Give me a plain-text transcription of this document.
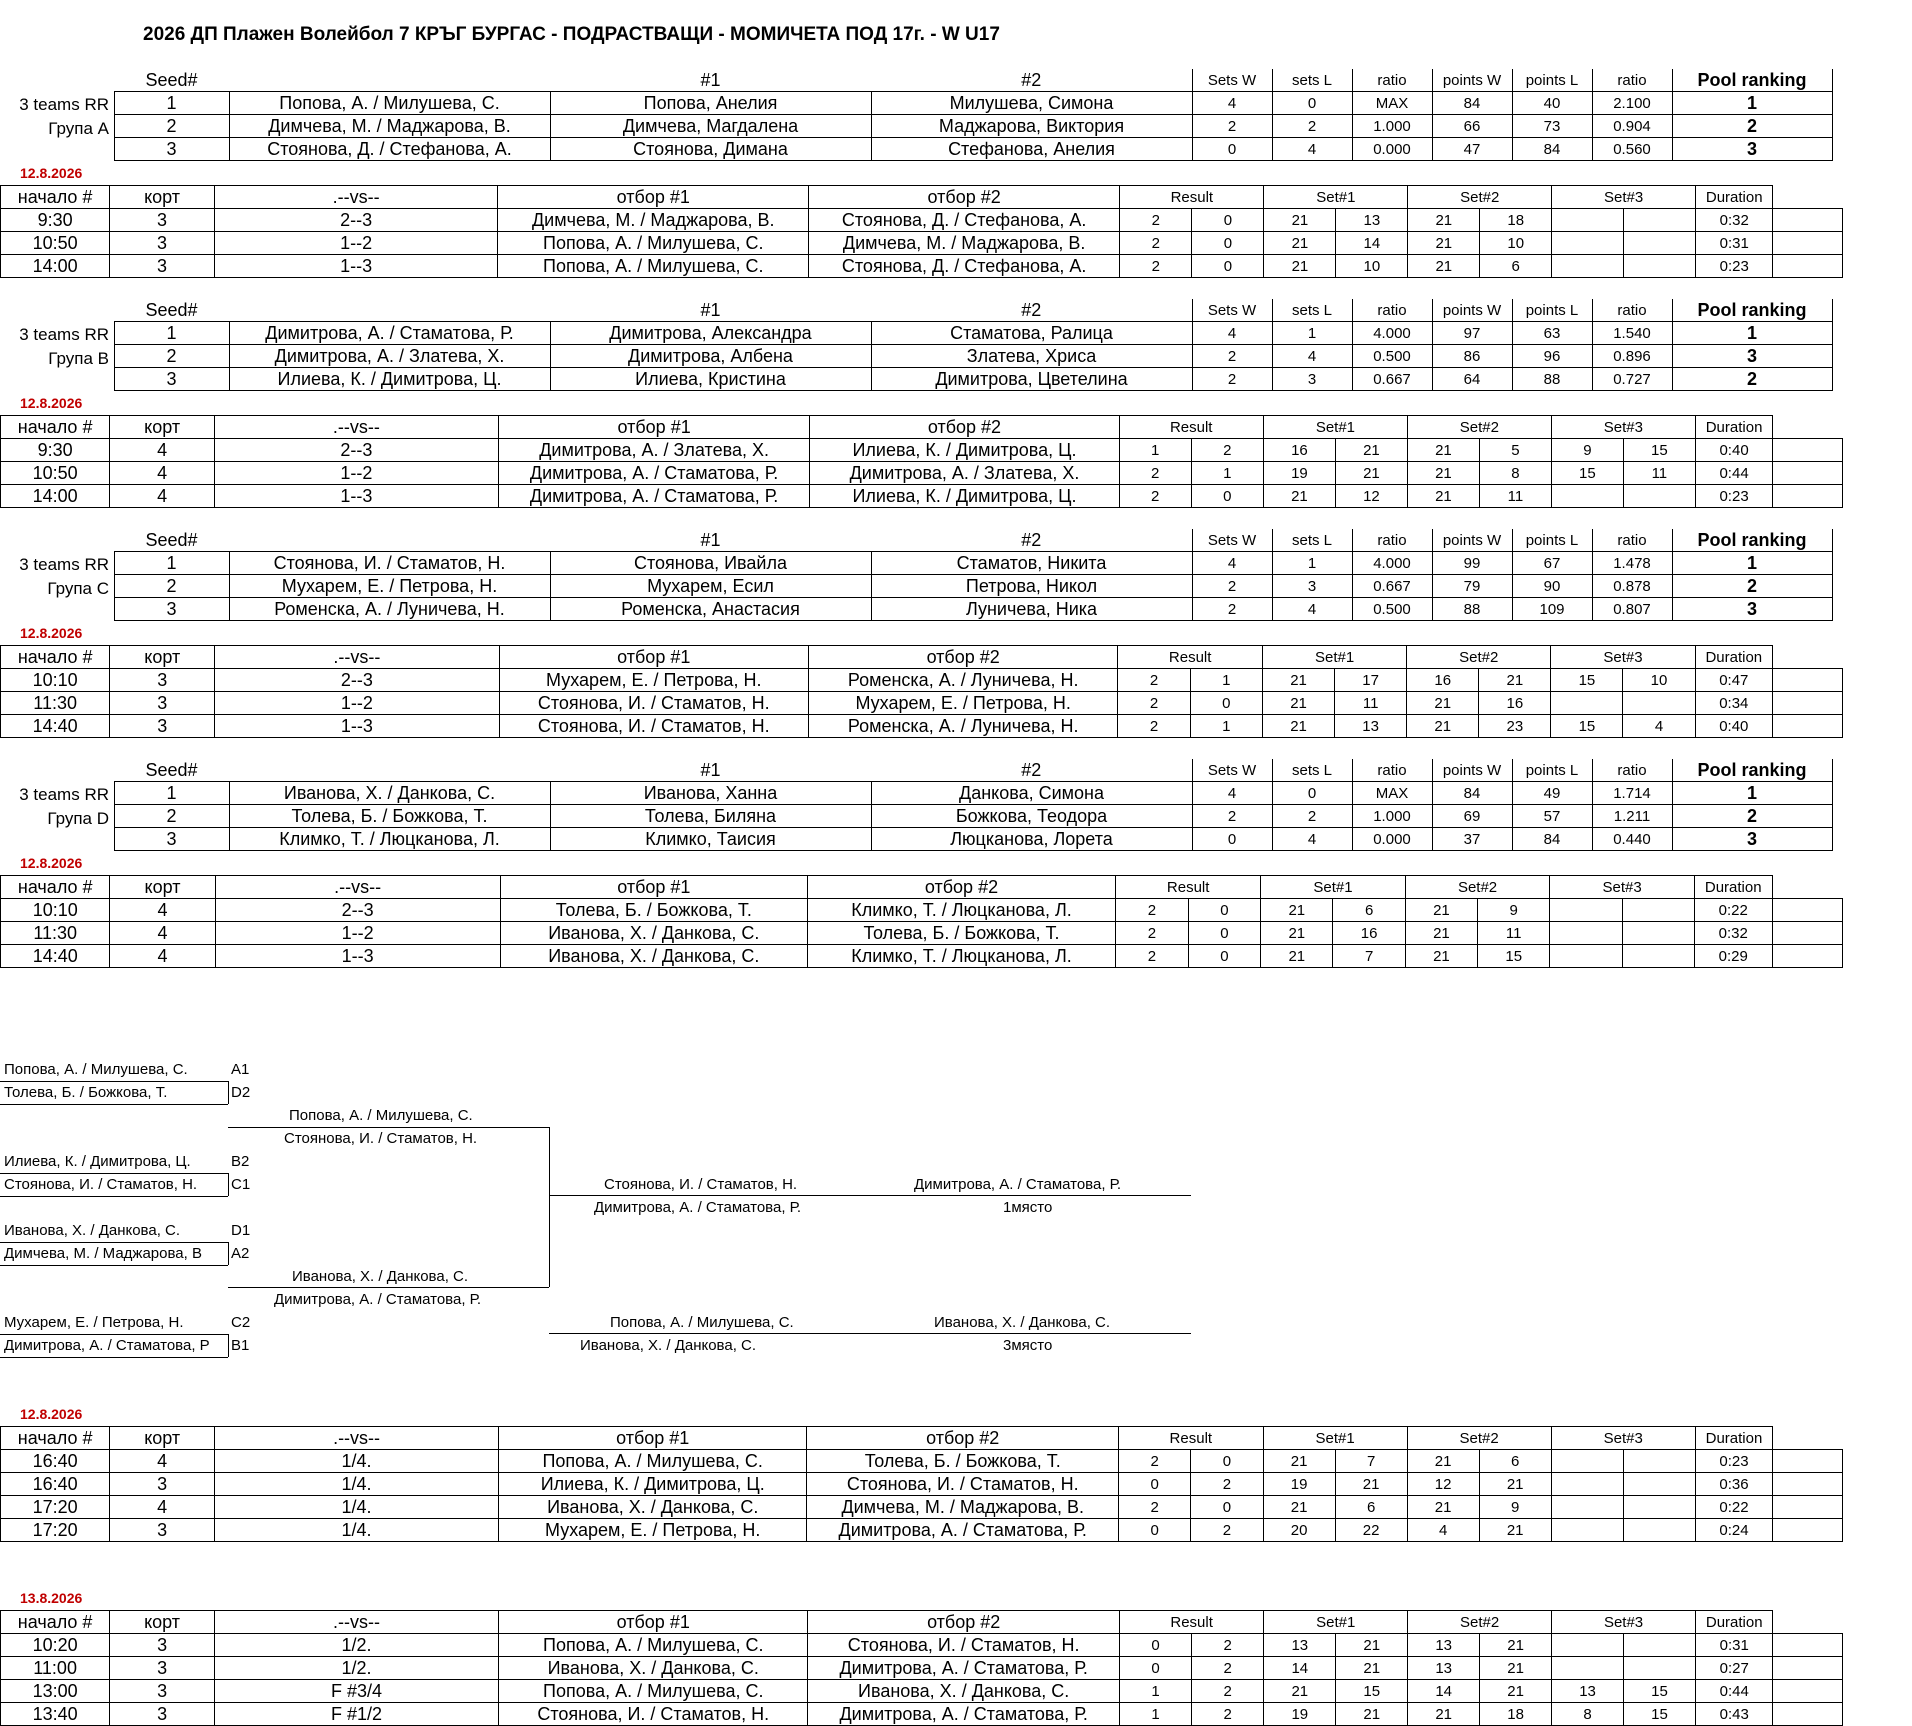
2026 ДП Плажен Волейбол 7 КРЪГ БУРГАС - ПОДРАСТВАЩИ - МОМИЧЕТА ПОД 17г. - W U17
	Seed#		#1	#2	Sets W	sets L	ratio	points W	points L	ratio	Pool ranking
	1	Попова, А. / Милушева, С.	Попова, Анелия	Милушева, Симона	4	0	MAX	84	40	2.100	1
	2	Димчева, М. / Маджарова, В.	Димчева, Магдалена	Маджарова, Виктория	2	2	1.000	66	73	0.904	2
	3	Стоянова, Д. / Стефанова, А.	Стоянова, Димана	Стефанова, Анелия	0	4	0.000	47	84	0.560	3
3 teams RR
Група A
12.8.2026
начало #	корт	.--vs--	отбор #1	отбор #2	Result		Set#1		Set#2		Set#3		Duration	
9:30	3	2--3	Димчева, М. / Маджарова, В.	Стоянова, Д. / Стефанова, А.	2	0	21	13	21	18			0:32	
10:50	3	1--2	Попова, А. / Милушева, С.	Димчева, М. / Маджарова, В.	2	0	21	14	21	10			0:31	
14:00	3	1--3	Попова, А. / Милушева, С.	Стоянова, Д. / Стефанова, А.	2	0	21	10	21	6			0:23	
	Seed#		#1	#2	Sets W	sets L	ratio	points W	points L	ratio	Pool ranking
	1	Димитрова, А. / Стаматова, Р.	Димитрова, Александра	Стаматова, Ралица	4	1	4.000	97	63	1.540	1
	2	Димитрова, А. / Златева, Х.	Димитрова, Албена	Златева, Хриса	2	4	0.500	86	96	0.896	3
	3	Илиева, К. / Димитрова, Ц.	Илиева, Кристина	Димитрова, Цветелина	2	3	0.667	64	88	0.727	2
3 teams RR
Група B
12.8.2026
начало #	корт	.--vs--	отбор #1	отбор #2	Result		Set#1		Set#2		Set#3		Duration	
9:30	4	2--3	Димитрова, А. / Златева, Х.	Илиева, К. / Димитрова, Ц.	1	2	16	21	21	5	9	15	0:40	
10:50	4	1--2	Димитрова, А. / Стаматова, Р.	Димитрова, А. / Златева, Х.	2	1	19	21	21	8	15	11	0:44	
14:00	4	1--3	Димитрова, А. / Стаматова, Р.	Илиева, К. / Димитрова, Ц.	2	0	21	12	21	11			0:23	
	Seed#		#1	#2	Sets W	sets L	ratio	points W	points L	ratio	Pool ranking
	1	Стоянова, И. / Стаматов, Н.	Стоянова, Ивайла	Стаматов, Никита	4	1	4.000	99	67	1.478	1
	2	Мухарем, Е. / Петрова, Н.	Мухарем, Есил	Петрова, Никол	2	3	0.667	79	90	0.878	2
	3	Роменска, А. / Луничева, Н.	Роменска, Анастасия	Луничева, Ника	2	4	0.500	88	109	0.807	3
3 teams RR
Група C
12.8.2026
начало #	корт	.--vs--	отбор #1	отбор #2	Result		Set#1		Set#2		Set#3		Duration	
10:10	3	2--3	Мухарем, Е. / Петрова, Н.	Роменска, А. / Луничева, Н.	2	1	21	17	16	21	15	10	0:47	
11:30	3	1--2	Стоянова, И. / Стаматов, Н.	Мухарем, Е. / Петрова, Н.	2	0	21	11	21	16			0:34	
14:40	3	1--3	Стоянова, И. / Стаматов, Н.	Роменска, А. / Луничева, Н.	2	1	21	13	21	23	15	4	0:40	
	Seed#		#1	#2	Sets W	sets L	ratio	points W	points L	ratio	Pool ranking
	1	Иванова, Х. / Данкова, С.	Иванова, Ханна	Данкова, Симона	4	0	MAX	84	49	1.714	1
	2	Толева, Б. / Божкова, Т.	Толева, Биляна	Божкова, Теодора	2	2	1.000	69	57	1.211	2
	3	Климко, Т. / Люцканова, Л.	Климко, Таисия	Люцканова, Лорета	0	4	0.000	37	84	0.440	3
3 teams RR
Група D
12.8.2026
начало #	корт	.--vs--	отбор #1	отбор #2	Result		Set#1		Set#2		Set#3		Duration	
10:10	4	2--3	Толева, Б. / Божкова, Т.	Климко, Т. / Люцканова, Л.	2	0	21	6	21	9			0:22	
11:30	4	1--2	Иванова, Х. / Данкова, С.	Толева, Б. / Божкова, Т.	2	0	21	16	21	11			0:32	
14:40	4	1--3	Иванова, Х. / Данкова, С.	Климко, Т. / Люцканова, Л.	2	0	21	7	21	15			0:29	
Попова, А. / Милушева, С.	A1
Толева, Б. / Божкова, Т.	D2
Илиева, К. / Димитрова, Ц.	B2
Стоянова, И. / Стаматов, Н. C1
Иванова, Х. / Данкова, С.	D1
Димчева, М. / Маджарова, В A2
Мухарем, Е. / Петрова, Н.	C2
Димитрова, А. / Стаматова, Р B1
Попова, А. / Милушева, С.
Стоянова, И. / Стаматов, Н.
Иванова, Х. / Данкова, С.
Димитрова, А. / Стаматова, Р.
Стоянова, И. / Стаматов, Н.
Димитрова, А. / Стаматова, Р.
Димитрова, А. / Стаматова, Р.
1място
Попова, А. / Милушева, С.
Иванова, Х. / Данкова, С.
Иванова, Х. / Данкова, С.
3място
12.8.2026
начало #	корт	.--vs--	отбор #1	отбор #2	Result		Set#1		Set#2		Set#3		Duration	
16:40	4	1/4.	Попова, А. / Милушева, С.	Толева, Б. / Божкова, Т.	2	0	21	7	21	6			0:23	
16:40	3	1/4.	Илиева, К. / Димитрова, Ц.	Стоянова, И. / Стаматов, Н.	0	2	19	21	12	21			0:36	
17:20	4	1/4.	Иванова, Х. / Данкова, С.	Димчева, М. / Маджарова, В.	2	0	21	6	21	9			0:22	
17:20	3	1/4.	Мухарем, Е. / Петрова, Н.	Димитрова, А. / Стаматова, Р.	0	2	20	22	4	21			0:24	
13.8.2026
начало #	корт	.--vs--	отбор #1	отбор #2	Result		Set#1		Set#2		Set#3		Duration	
10:20	3	1/2.	Попова, А. / Милушева, С.	Стоянова, И. / Стаматов, Н.	0	2	13	21	13	21			0:31	
11:00	3	1/2.	Иванова, Х. / Данкова, С.	Димитрова, А. / Стаматова, Р.	0	2	14	21	13	21			0:27	
13:00	3	F #3/4	Попова, А. / Милушева, С.	Иванова, Х. / Данкова, С.	1	2	21	15	14	21	13	15	0:44	
13:40	3	F #1/2	Стоянова, И. / Стаматов, Н.	Димитрова, А. / Стаматова, Р.	1	2	19	21	21	18	8	15	0:43	
